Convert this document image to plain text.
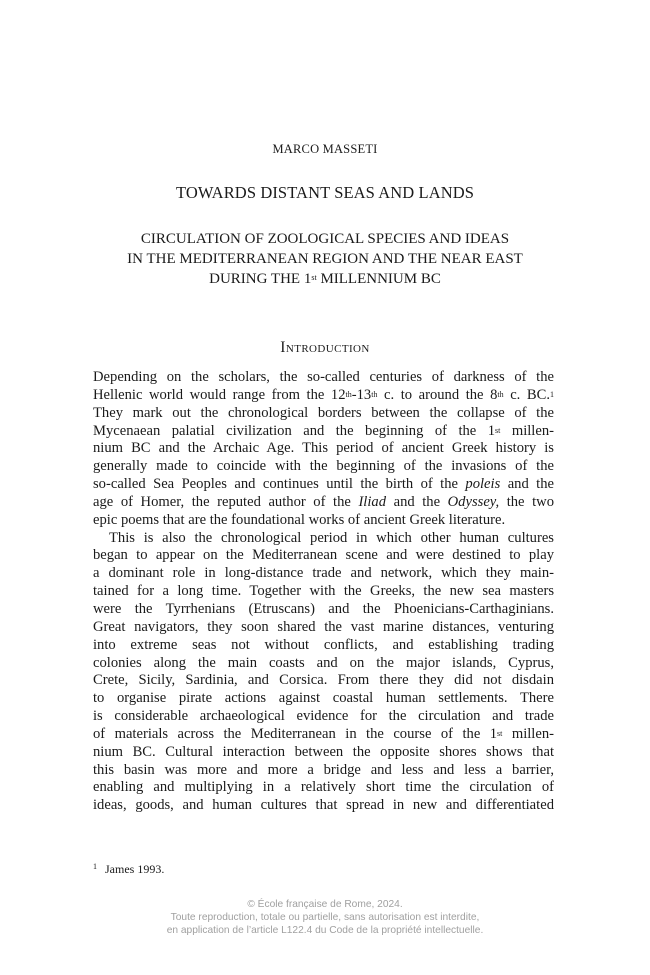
MARCO MASSETI
TOWARDS DISTANT SEAS AND LANDS
CIRCULATION OF ZOOLOGICAL SPECIES AND IDEAS
IN THE MEDITERRANEAN REGION AND THE NEAR EAST
DURING THE 1st MILLENNIUM BC
Introduction
Depending on the scholars, the so-called centuries of darkness of the
Hellenic world would range from the 12th-13th c. to around the 8th c. BC.$^1$
They mark out the chronological borders between the collapse of the
Mycenaean palatial civilization and the beginning of the 1st millen-
nium BC and the Archaic Age. This period of ancient Greek history is
generally made to coincide with the beginning of the invasions of the
so-called Sea Peoples and continues until the birth of the poleis and the
age of Homer, the reputed author of the Iliad and the Odyssey, the two
epic poems that are the foundational works of ancient Greek literature.
This is also the chronological period in which other human cultures
began to appear on the Mediterranean scene and were destined to play
a dominant role in long-distance trade and network, which they main-
tained for a long time. Together with the Greeks, the new sea masters
were the Tyrrhenians (Etruscans) and the Phoenicians-Carthaginians.
Great navigators, they soon shared the vast marine distances, venturing
into extreme seas not without conflicts, and establishing trading
colonies along the main coasts and on the major islands, Cyprus,
Crete, Sicily, Sardinia, and Corsica. From there they did not disdain
to organise pirate actions against coastal human settlements. There
is considerable archaeological evidence for the circulation and trade
of materials across the Mediterranean in the course of the 1st millen-
nium BC. Cultural interaction between the opposite shores shows that
this basin was more and more a bridge and less and less a barrier,
enabling and multiplying in a relatively short time the circulation of
ideas, goods, and human cultures that spread in new and differentiated
$^1$ James 1993.
© École française de Rome, 2024.
Toute reproduction, totale ou partielle, sans autorisation est interdite,
en application de l’article L122.4 du Code de la propriété intellectuelle.
